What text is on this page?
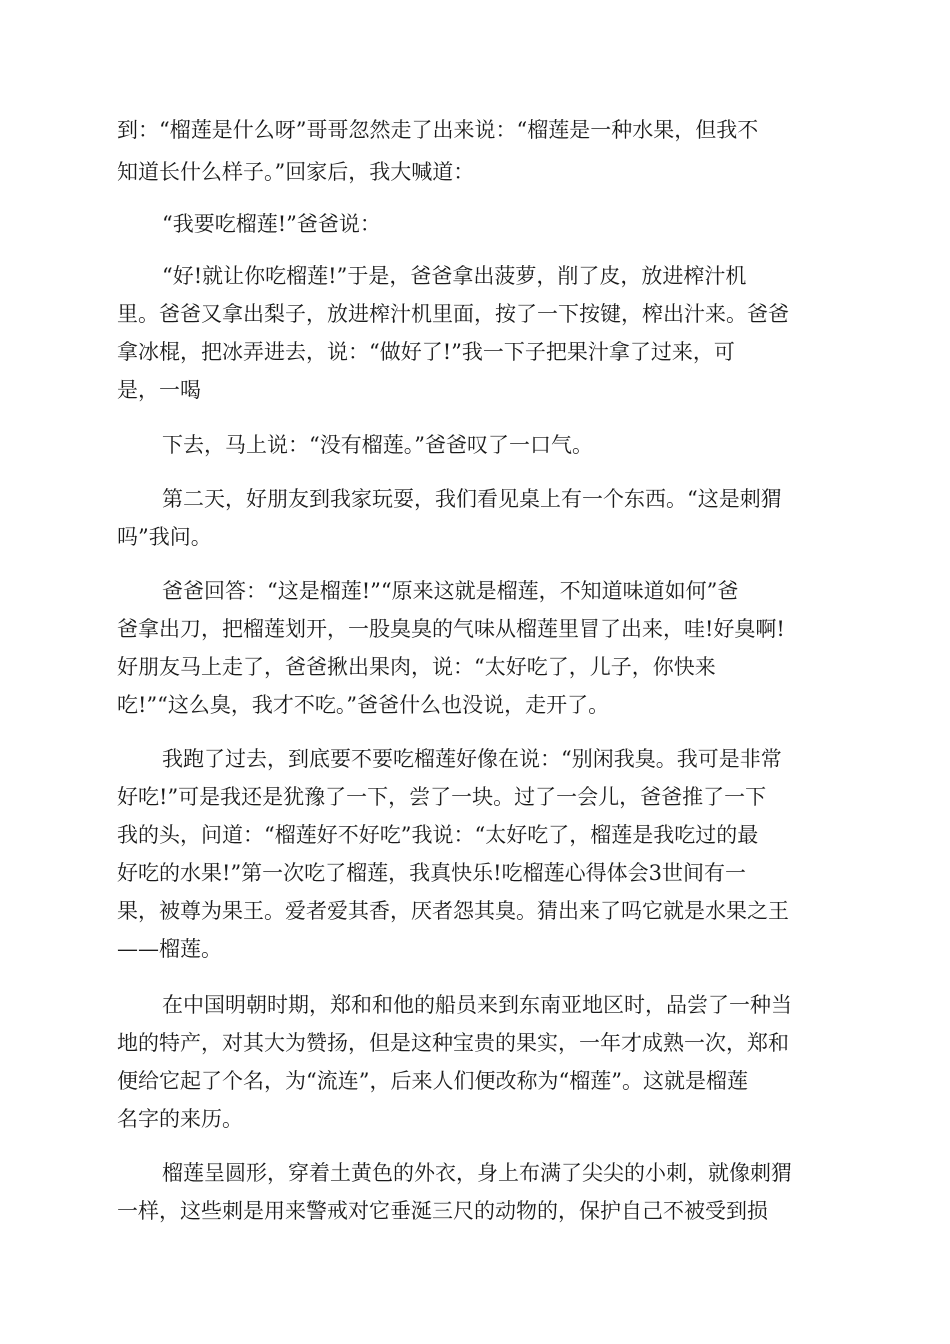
到：“榴莲是什么呀”哥哥忽然走了出来说：“榴莲是一种水果，但我不
知道长什么样子。”回家后，我大喊道：
“我要吃榴莲!”爸爸说：
“好!就让你吃榴莲!”于是，爸爸拿出菠萝，削了皮，放进榨汁机
里。爸爸又拿出梨子，放进榨汁机里面，按了一下按键，榨出汁来。爸爸
拿冰棍，把冰弄进去，说：“做好了!”我一下子把果汁拿了过来，可
是，一喝
下去，马上说：“没有榴莲。”爸爸叹了一口气。
第二天，好朋友到我家玩耍，我们看见桌上有一个东西。“这是刺猬
吗”我问。
爸爸回答：“这是榴莲!”“原来这就是榴莲，不知道味道如何”爸
爸拿出刀，把榴莲划开，一股臭臭的气味从榴莲里冒了出来，哇!好臭啊!
好朋友马上走了，爸爸揪出果肉，说：“太好吃了，儿子，你快来
吃!”“这么臭，我才不吃。”爸爸什么也没说，走开了。
我跑了过去，到底要不要吃榴莲好像在说：“别闲我臭。我可是非常
好吃!”可是我还是犹豫了一下，尝了一块。过了一会儿，爸爸推了一下
我的头，问道：“榴莲好不好吃”我说：“太好吃了，榴莲是我吃过的最
好吃的水果!”第一次吃了榴莲，我真快乐!吃榴莲心得体会3世间有一
果，被尊为果王。爱者爱其香，厌者怨其臭。猜出来了吗它就是水果之王
——榴莲。
在中国明朝时期，郑和和他的船员来到东南亚地区时，品尝了一种当
地的特产，对其大为赞扬，但是这种宝贵的果实，一年才成熟一次，郑和
便给它起了个名，为“流连”，后来人们便改称为“榴莲”。这就是榴莲
名字的来历。
榴莲呈圆形，穿着土黄色的外衣，身上布满了尖尖的小刺，就像刺猬
一样，这些刺是用来警戒对它垂涎三尺的动物的，保护自己不被受到损
